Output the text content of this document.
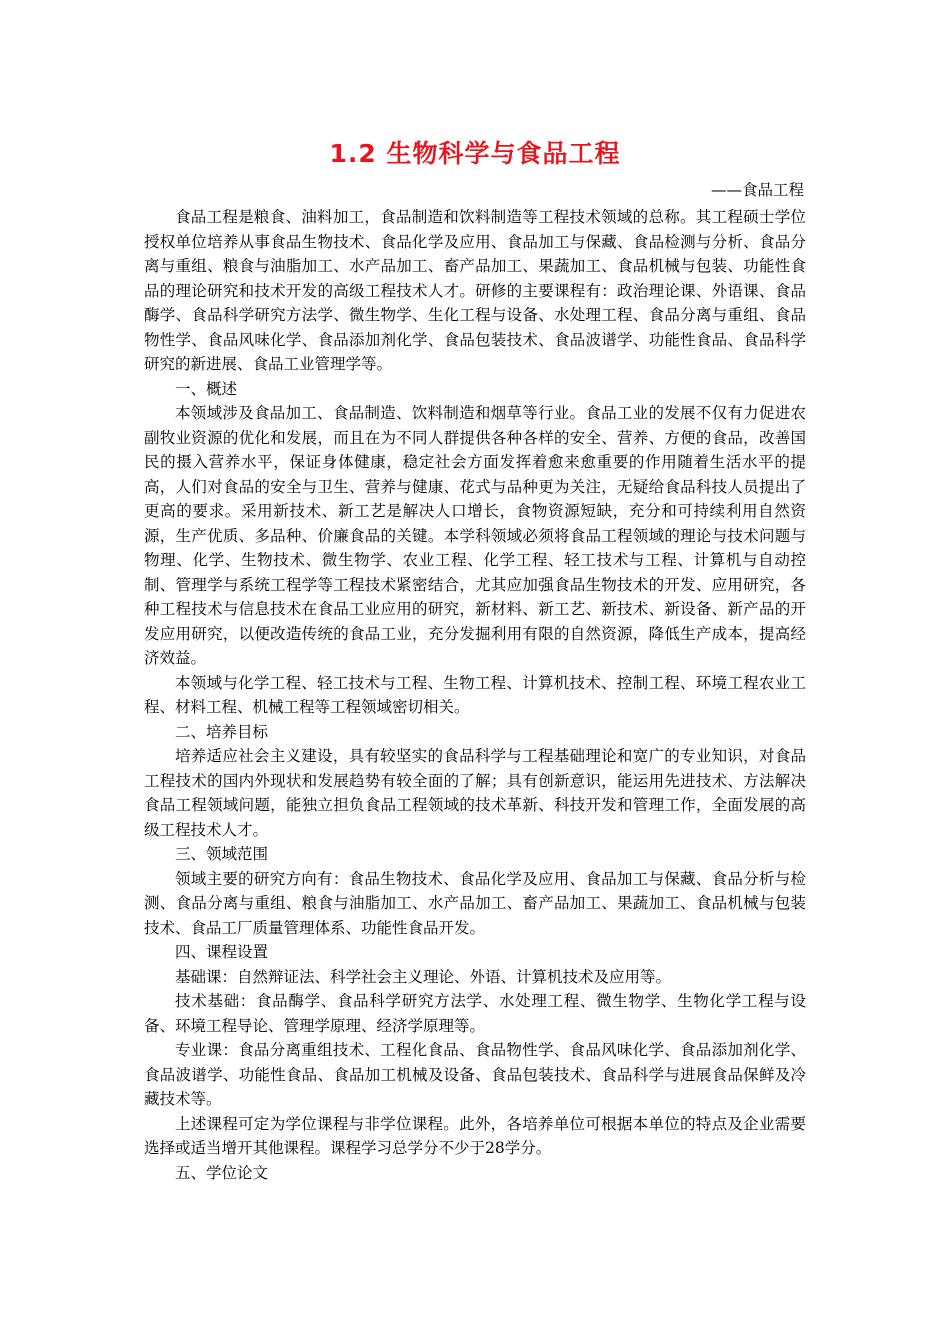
1.2 生物科学与食品工程
——食品工程

食品工程是粮食、油料加工，食品制造和饮料制造等工程技术领域的总称。其工程硕士学位授权单位培养从事食品生物技术、食品化学及应用、食品加工与保藏、食品检测与分析、食品分离与重组、粮食与油脂加工、水产品加工、畜产品加工、果蔬加工、食品机械与包装、功能性食品的理论研究和技术开发的高级工程技术人才。研修的主要课程有：政治理论课、外语课、食品酶学、食品科学研究方法学、微生物学、生化工程与设备、水处理工程、食品分离与重组、食品物性学、食品风味化学、食品添加剂化学、食品包装技术、食品波谱学、功能性食品、食品科学研究的新进展、食品工业管理学等。

一、概述

本领域涉及食品加工、食品制造、饮料制造和烟草等行业。食品工业的发展不仅有力促进农副牧业资源的优化和发展，而且在为不同人群提供各种各样的安全、营养、方便的食品，改善国民的摄入营养水平，保证身体健康，稳定社会方面发挥着愈来愈重要的作用随着生活水平的提高，人们对食品的安全与卫生、营养与健康、花式与品种更为关注，无疑给食品科技人员提出了更高的要求。采用新技术、新工艺是解决人口增长，食物资源短缺，充分和可持续利用自然资源，生产优质、多品种、价廉食品的关键。本学科领域必须将食品工程领域的理论与技术问题与物理、化学、生物技术、微生物学、农业工程、化学工程、轻工技术与工程、计算机与自动控制、管理学与系统工程学等工程技术紧密结合，尤其应加强食品生物技术的开发、应用研究，各种工程技术与信息技术在食品工业应用的研究，新材料、新工艺、新技术、新设备、新产品的开发应用研究，以便改造传统的食品工业，充分发掘利用有限的自然资源，降低生产成本，提高经济效益。

本领域与化学工程、轻工技术与工程、生物工程、计算机技术、控制工程、环境工程农业工程、材料工程、机械工程等工程领域密切相关。

二、培养目标

培养适应社会主义建设，具有较坚实的食品科学与工程基础理论和宽广的专业知识，对食品工程技术的国内外现状和发展趋势有较全面的了解；具有创新意识，能运用先进技术、方法解决食品工程领域问题，能独立担负食品工程领域的技术革新、科技开发和管理工作，全面发展的高级工程技术人才。

三、领域范围

领域主要的研究方向有：食品生物技术、食品化学及应用、食品加工与保藏、食品分析与检测、食品分离与重组、粮食与油脂加工、水产品加工、畜产品加工、果蔬加工、食品机械与包装技术、食品工厂质量管理体系、功能性食品开发。

四、课程设置

基础课：自然辩证法、科学社会主义理论、外语、计算机技术及应用等。

技术基础：食品酶学、食品科学研究方法学、水处理工程、微生物学、生物化学工程与设备、环境工程导论、管理学原理、经济学原理等。

专业课：食品分离重组技术、工程化食品、食品物性学、食品风味化学、食品添加剂化学、食品波谱学、功能性食品、食品加工机械及设备、食品包装技术、食品科学与进展食品保鲜及冷藏技术等。

上述课程可定为学位课程与非学位课程。此外，各培养单位可根据本单位的特点及企业需要选择或适当增开其他课程。课程学习总学分不少于28学分。

五、学位论文
